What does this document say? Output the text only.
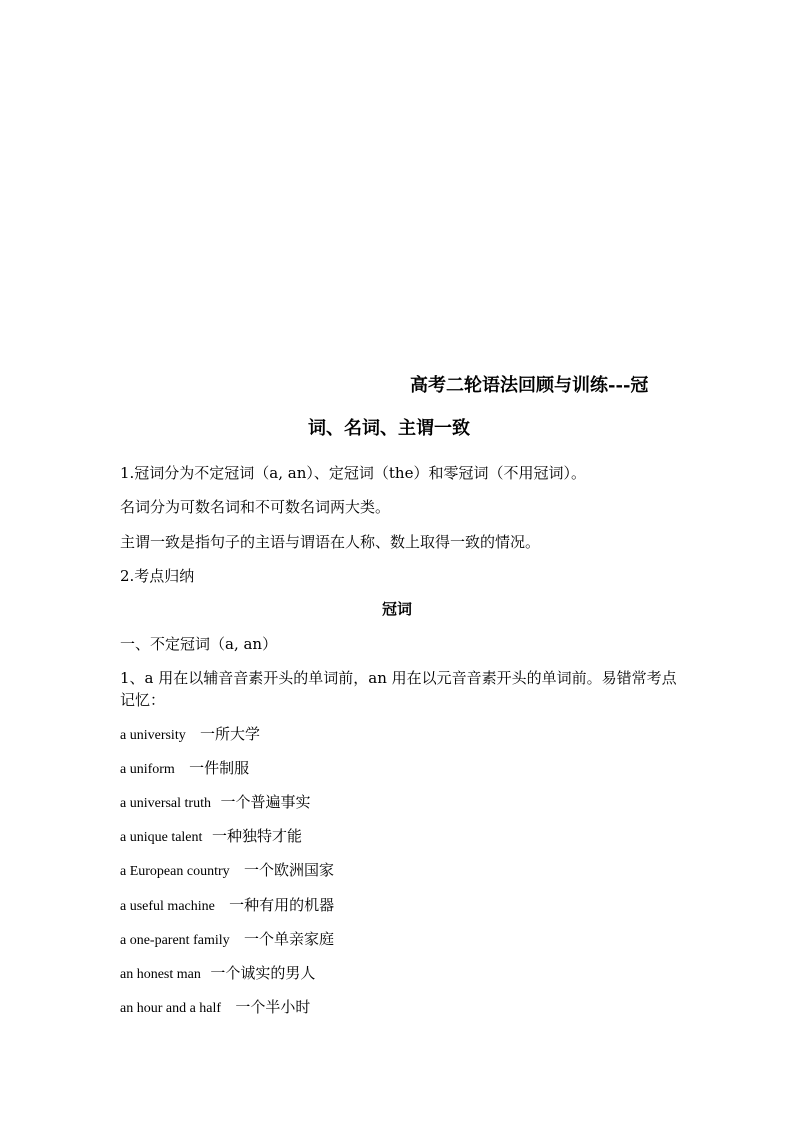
高考二轮语法回顾与训练---冠
词、名词、主谓一致
1.冠词分为不定冠词（a, an）、定冠词（the）和零冠词（不用冠词）。
名词分为可数名词和不可数名词两大类。
主谓一致是指句子的主语与谓语在人称、数上取得一致的情况。
2.考点归纳
冠词
一、不定冠词（a, an）
1、a 用在以辅音音素开头的单词前，an 用在以元音音素开头的单词前。易错常考点记忆：
a university 一所大学
a uniform 一件制服
a universal truth 一个普遍事实
a unique talent 一种独特才能
a European country 一个欧洲国家
a useful machine 一种有用的机器
a one-parent family 一个单亲家庭
an honest man 一个诚实的男人
an hour and a half 一个半小时
